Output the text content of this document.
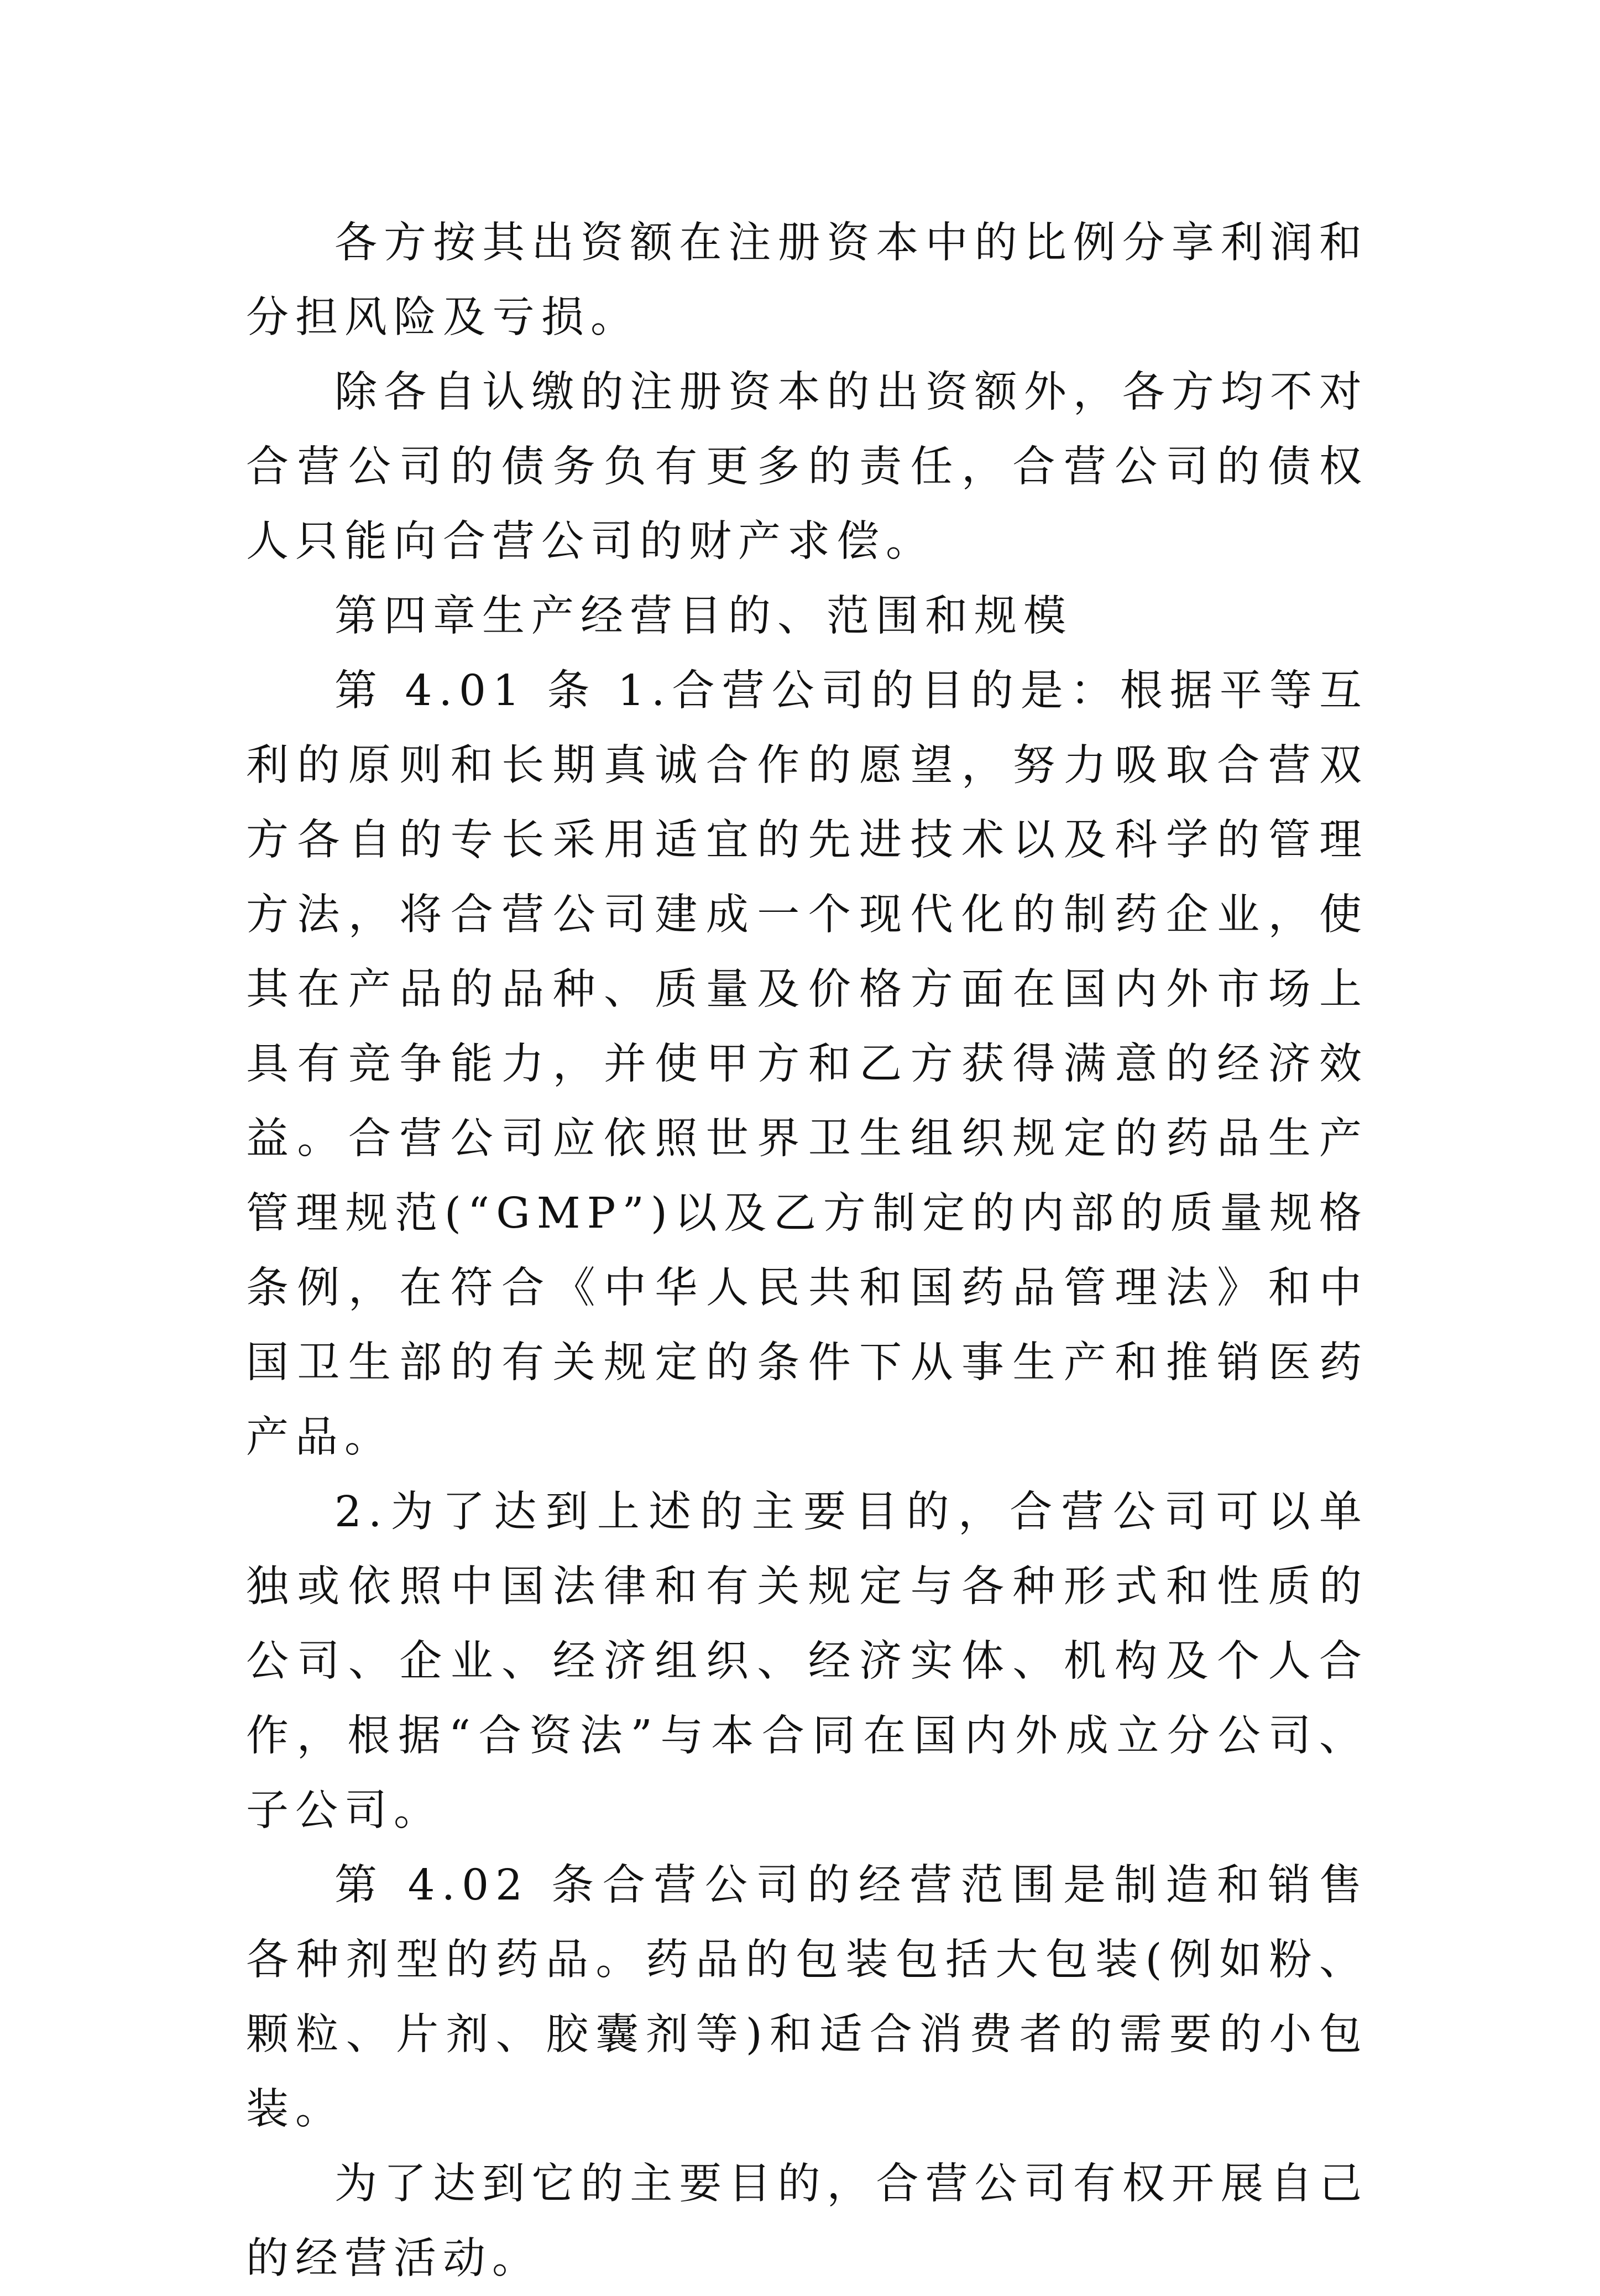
各方按其出资额在注册资本中的比例分享利润和分担风险及亏损。

除各自认缴的注册资本的出资额外，各方均不对合营公司的债务负有更多的责任，合营公司的债权人只能向合营公司的财产求偿。

第四章生产经营目的、范围和规模

第 4.01 条 1.合营公司的目的是：根据平等互利的原则和长期真诚合作的愿望，努力吸取合营双方各自的专长采用适宜的先进技术以及科学的管理方法，将合营公司建成一个现代化的制药企业，使其在产品的品种、质量及价格方面在国内外市场上具有竞争能力，并使甲方和乙方获得满意的经济效益。合营公司应依照世界卫生组织规定的药品生产管理规范(“GMP”)以及乙方制定的内部的质量规格条例，在符合《中华人民共和国药品管理法》和中国卫生部的有关规定的条件下从事生产和推销医药产品。

2.为了达到上述的主要目的，合营公司可以单独或依照中国法律和有关规定与各种形式和性质的公司、企业、经济组织、经济实体、机构及个人合作，根据“合资法”与本合同在国内外成立分公司、子公司。

第 4.02 条合营公司的经营范围是制造和销售各种剂型的药品。药品的包装包括大包装(例如粉、颗粒、片剂、胶囊剂等)和适合消费者的需要的小包装。

为了达到它的主要目的，合营公司有权开展自己的经营活动。
